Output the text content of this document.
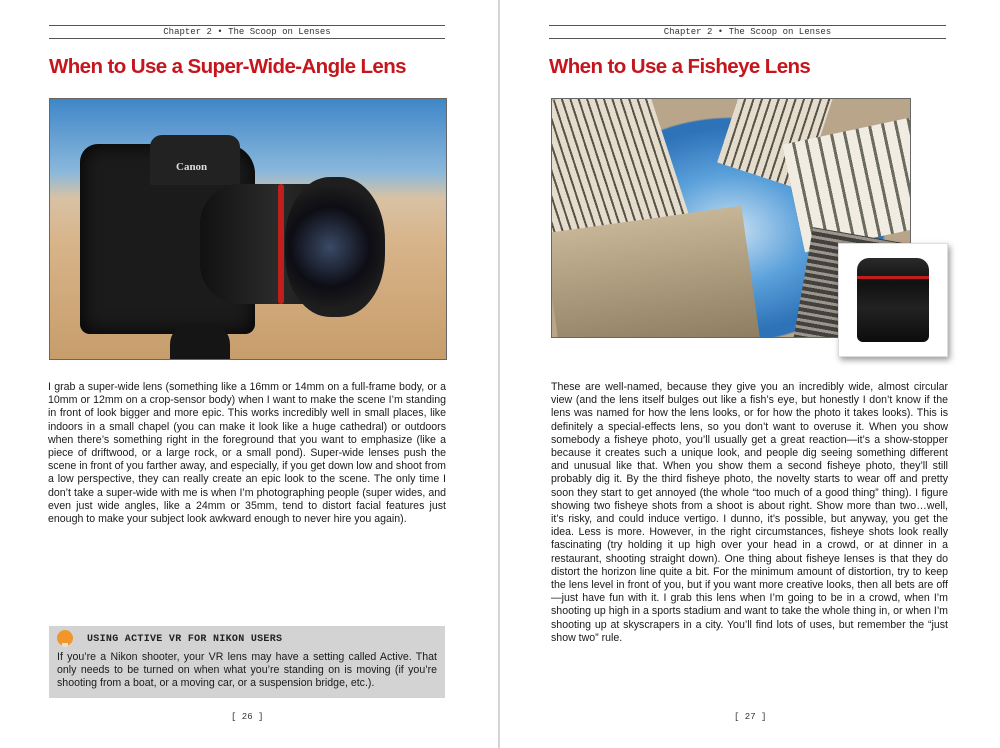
Chapter 2 • The Scoop on Lenses
When to Use a Super-Wide-Angle Lens
Canon

I grab a super-wide lens (something like a 16mm or 14mm on a full-frame body, or a 10mm or 12mm on a crop-sensor body) when I want to make the scene I’m standing in front of look bigger and more epic. This works incredibly well in small places, like indoors in a small chapel (you can make it look like a huge cathedral) or outdoors when there’s something right in the foreground that you want to emphasize (like a piece of driftwood, or a large rock, or a small pond). Super-wide lenses push the scene in front of you farther away, and especially, if you get down low and shoot from a low perspective, they can really create an epic look to the scene. The only time I don’t take a super-wide with me is when I’m photographing people (super wides, and even just wide angles, like a 24mm or 35mm, tend to distort facial features just enough to make your subject look awkward enough to never hire you again).

USING ACTIVE VR FOR NIKON USERS

If you’re a Nikon shooter, your VR lens may have a setting called Active. That only needs to be turned on when what you’re standing on is moving (if you’re shooting from a boat, or a moving car, or a suspension bridge, etc.).

[ 26 ]
Chapter 2 • The Scoop on Lenses
When to Use a Fisheye Lens

These are well-named, because they give you an incredibly wide, almost circular view (and the lens itself bulges out like a fish’s eye, but honestly I don’t know if the lens was named for how the lens looks, or for how the photo it takes looks). This is definitely a special-effects lens, so you don’t want to overuse it. When you show somebody a fisheye photo, you’ll usually get a great reaction—it’s a show-stopper because it creates such a unique look, and people dig seeing something different and unusual like that. When you show them a second fisheye photo, they’ll still probably dig it. By the third fisheye photo, the novelty starts to wear off and pretty soon they start to get annoyed (the whole “too much of a good thing” thing). I figure showing two fisheye shots from a shoot is about right. Show more than two…well, it’s risky, and could induce vertigo. I dunno, it’s possible, but anyway, you get the idea. Less is more. However, in the right circumstances, fisheye shots look really fascinating (try holding it up high over your head in a crowd, or at dinner in a restaurant, shooting straight down). One thing about fisheye lenses is that they do distort the horizon line quite a bit. For the minimum amount of distortion, try to keep the lens level in front of you, but if you want more creative looks, then all bets are off—just have fun with it. I grab this lens when I’m going to be in a crowd, when I’m shooting up high in a sports stadium and want to take the whole thing in, or when I’m shooting up at skyscrapers in a city. You’ll find lots of uses, but remember the “just show two” rule.

[ 27 ]
